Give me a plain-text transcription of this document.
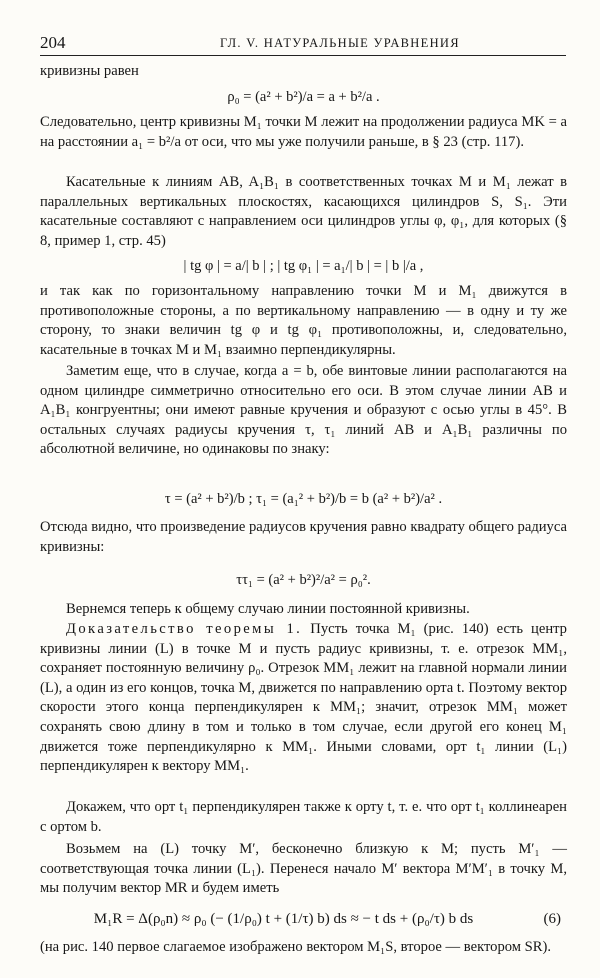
204	ГЛ. V. НАТУРАЛЬНЫЕ УРАВНЕНИЯ

кривизны равен

ρ₀ = (a² + b²)/a = a + b²/a .

Следовательно, центр кривизны M₁ точки M лежит на продолжении радиуса MK = a на расстоянии a₁ = b²/a от оси, что мы уже получили раньше, в § 23 (стр. 117).

Касательные к линиям AB, A₁B₁ в соответственных точках M и M₁ лежат в параллельных вертикальных плоскостях, касающихся цилиндров S, S₁. Эти касательные составляют с направлением оси цилиндров углы φ, φ₁, для которых (§ 8, пример 1, стр. 45)

| tg φ | = a/| b | ; | tg φ₁ | = a₁/| b | = | b |/a ,

и так как по горизонтальному направлению точки M и M₁ движутся в противоположные стороны, а по вертикальному направлению — в одну и ту же сторону, то знаки величин tg φ и tg φ₁ противоположны, и, следовательно, касательные в точках M и M₁ взаимно перпендикулярны.

Заметим еще, что в случае, когда a = b, обе винтовые линии располагаются на одном цилиндре симметрично относительно его оси. В этом случае линии AB и A₁B₁ конгруентны; они имеют равные кручения и образуют с осью углы в 45°. В остальных случаях радиусы кручения τ, τ₁ линий AB и A₁B₁ различны по абсолютной величине, но одинаковы по знаку:

τ = (a² + b²)/b ; τ₁ = (a₁² + b²)/b = b (a² + b²)/a² .

Отсюда видно, что произведение радиусов кручения равно квадрату общего радиуса кривизны:

ττ₁ = (a² + b²)²/a² = ρ₀².

Вернемся теперь к общему случаю линии постоянной кривизны.

Доказательство теоремы 1. Пусть точка M₁ (рис. 140) есть центр кривизны линии (L) в точке M и пусть радиус кривизны, т. е. отрезок MM₁, сохраняет постоянную величину ρ₀. Отрезок MM₁ лежит на главной нормали линии (L), а один из его концов, точка M, движется по направлению орта t. Поэтому вектор скорости этого конца перпендикулярен к MM₁; значит, отрезок MM₁ может сохранять свою длину в том и только в том случае, если другой его конец M₁ движется тоже перпендикулярно к MM₁. Иными словами, орт t₁ линии (L₁) перпендикулярен к вектору MM₁.

Докажем, что орт t₁ перпендикулярен также к орту t, т. е. что орт t₁ коллинеарен с ортом b.

Возьмем на (L) точку M′, бесконечно близкую к M; пусть M′₁ — соответствующая точка линии (L₁). Перенеся начало M′ вектора M′M′₁ в точку M, мы получим вектор MR и будем иметь

M₁R = Δ(ρ₀n) ≈ ρ₀ (− (1/ρ₀) t + (1/τ) b) ds ≈ − t ds + (ρ₀/τ) b ds	(6)

(на рис. 140 первое слагаемое изображено вектором M₁S, второе — вектором SR).
